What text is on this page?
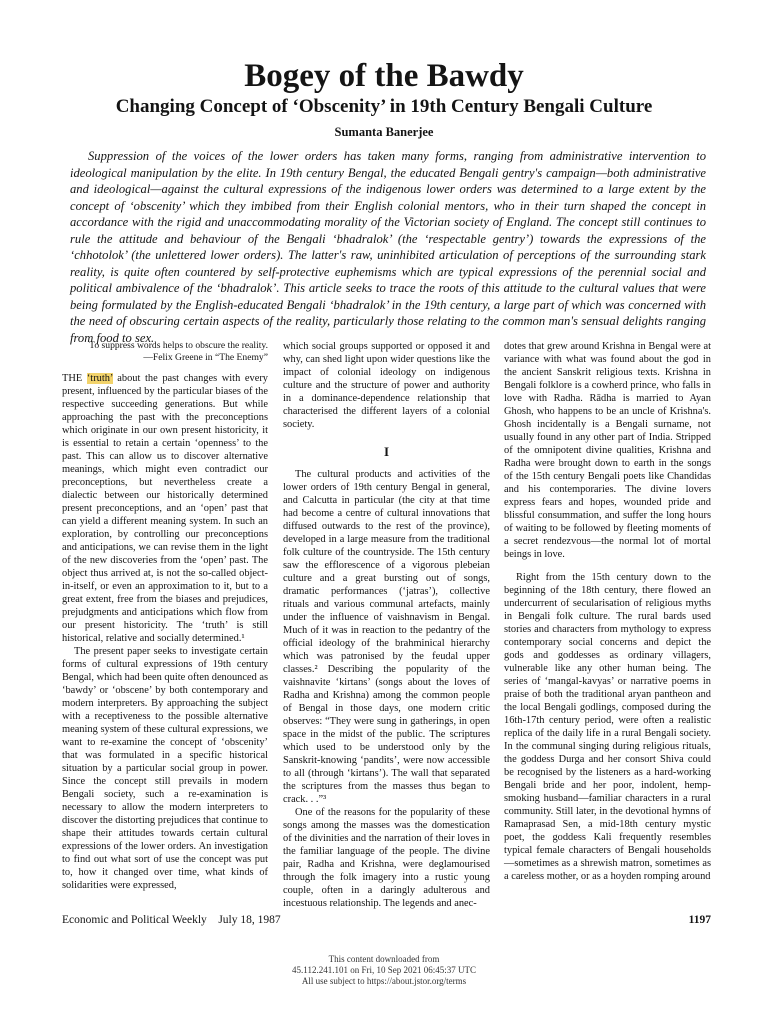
Bogey of the Bawdy
Changing Concept of ‘Obscenity’ in 19th Century Bengali Culture
Sumanta Banerjee

Suppression of the voices of the lower orders has taken many forms, ranging from administrative intervention to ideological manipulation by the elite. In 19th century Bengal, the educated Bengali gentry's campaign—both administrative and ideological—against the cultural expressions of the indigenous lower orders was determined to a large extent by the concept of ‘obscenity’ which they imbibed from their English colonial mentors, who in their turn shaped the concept in accordance with the rigid and unaccommodating morality of the Victorian society of England. The concept still continues to rule the attitude and behaviour of the Bengali ‘bhadralok’ (the ‘respectable gentry’) towards the expressions of the ‘chhotolok’ (the unlettered lower orders). The latter's raw, uninhibited articulation of perceptions of the surrounding stark reality, is quite often countered by self-protective euphemisms which are typical expressions of the perennial social and political ambivalence of the ‘bhadralok’. This article seeks to trace the roots of this attitude to the cultural values that were being formulated by the English-educated Bengali ‘bhadralok’ in the 19th century, a large part of which was concerned with the need of obscuring certain aspects of the reality, particularly those relating to the common man's sensual delights ranging from food to sex.

To suppress words helps to obscure the reality.
—Felix Greene in “The Enemy”

THE ‘truth’ about the past changes with every present, influenced by the particular biases of the respective succeeding generations. But while approaching the past with the preconceptions which originate in our own present historicity, it is essential to retain a certain ‘openness’ to the past. This can allow us to discover alternative meanings, which might even contradict our preconceptions, but nevertheless create a dialectic between our historically determined present preconceptions, and an ‘open’ past that can yield a different meaning system. In such an exploration, by controlling our preconceptions and anticipations, we can revise them in the light of the new discoveries from the ‘open’ past. The object thus arrived at, is not the so-called object-in-itself, or even an approximation to it, but to a great extent, free from the biases and prejudices, prejudgments and anticipations which flow from our present historicity. The ‘truth’ is still historical, relative and socially determined.¹

The present paper seeks to investigate certain forms of cultural expressions of 19th century Bengal, which had been quite often denounced as ‘bawdy’ or ‘obscene’ by both contemporary and modern interpreters. By approaching the subject with a receptiveness to the possible alternative meaning system of these cultural expressions, we want to re-examine the concept of ‘obscenity’ that was formulated in a specific historical situation by a particular social group in power. Since the concept still prevails in modern Bengali society, such a re-examination is necessary to allow the modern interpreters to discover the distorting prejudices that continue to shape their attitudes towards certain cultural expressions of the lower orders. An investigation to find out what sort of use the concept was put to, how it changed over time, what kinds of solidarities were expressed,

which social groups supported or opposed it and why, can shed light upon wider questions like the impact of colonial ideology on indigenous culture and the structure of power and authority in a dominance-dependence relationship that characterised the different layers of a colonial society.

I

The cultural products and activities of the lower orders of 19th century Bengal in general, and Calcutta in particular (the city at that time had become a centre of cultural innovations that diffused outwards to the rest of the province), developed in a large measure from the traditional folk culture of the countryside. The 15th century saw the efflorescence of a vigorous plebeian culture and a great bursting out of songs, dramatic performances (‘jatras’), collective rituals and various communal artefacts, mainly under the influence of vaishnavism in Bengal. Much of it was in reaction to the pedantry of the official ideology of the brahminical hierarchy which was patronised by the feudal upper classes.² Describing the popularity of the vaishnavite ‘kirtans’ (songs about the loves of Radha and Krishna) among the common people of Bengal in those days, one modern critic observes: “They were sung in gatherings, in open space in the midst of the public. The scriptures which used to be understood only by the Sanskrit-knowing ‘pandits’, were now accessible to all (through ‘kirtans’). The wall that separated the scriptures from the masses thus began to crack. . .”³

One of the reasons for the popularity of these songs among the masses was the domestication of the divinities and the narration of their loves in the familiar language of the people. The divine pair, Radha and Krishna, were deglamourised through the folk imagery into a rustic young couple, often in a daringly adulterous and incestuous relationship. The legends and anec-

dotes that grew around Krishna in Bengal were at variance with what was found about the god in the ancient Sanskrit religious texts. Krishna in Bengali folklore is a cowherd prince, who falls in love with Radha. Rādha is married to Ayan Ghosh, who happens to be an uncle of Krishna's. Ghosh incidentally is a Bengali surname, not usually found in any other part of India. Stripped of the omnipotent divine qualities, Krishna and Radha were brought down to earth in the songs of the 15th century Bengali poets like Chandidas and his contemporaries. The divine lovers express fears and hopes, wounded pride and blissful consummation, and suffer the long hours of waiting to be followed by fleeting moments of a secret rendezvous—the normal lot of mortal beings in love.

Right from the 15th century down to the beginning of the 18th century, there flowed an undercurrent of secularisation of religious myths in Bengali folk culture. The rural bards used stories and characters from mythology to express contemporary social concerns and depict the gods and goddesses as ordinary villagers, vulnerable like any other human being. The series of ‘mangal-kavyas’ or narrative poems in praise of both the traditional aryan pantheon and the local Bengali godlings, composed during the 16th-17th century period, were often a realistic replica of the daily life in a rural Bengali society. In the communal singing during religious rituals, the goddess Durga and her consort Shiva could be recognised by the listeners as a hard-working Bengali bride and her poor, indolent, hemp-smoking husband—familiar characters in a rural community. Still later, in the devotional hymns of Ramaprasad Sen, a mid-18th century mystic poet, the goddess Kali frequently resembles typical female characters of Bengali households—sometimes as a shrewish matron, sometimes as a careless mother, or as a hoyden romping around

Economic and Political Weekly July 18, 1987	1197
This content downloaded from
45.112.241.101 on Fri, 10 Sep 2021 06:45:37 UTC
All use subject to https://about.jstor.org/terms
